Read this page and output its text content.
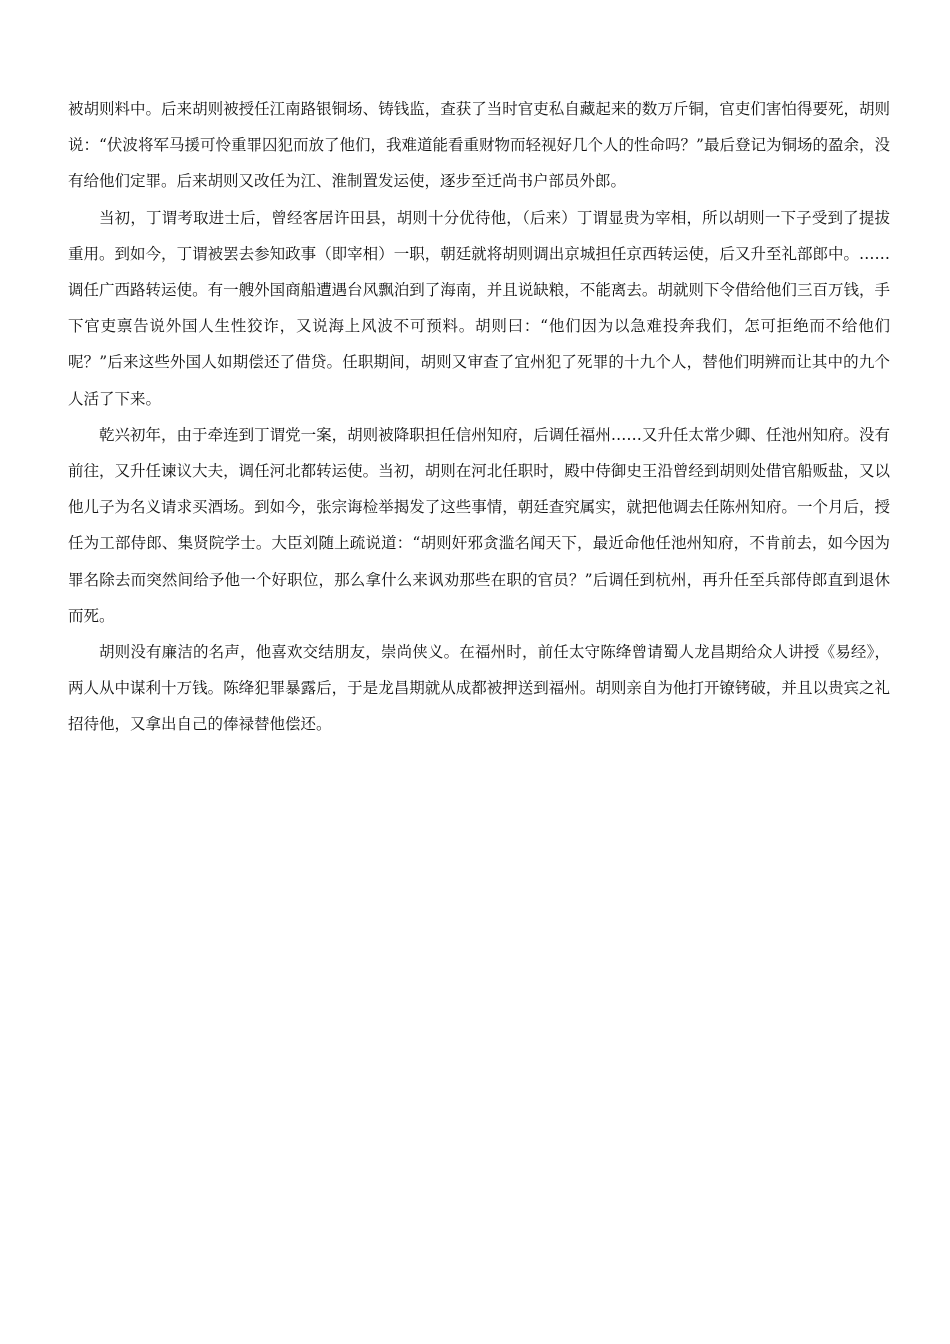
被胡则料中。后来胡则被授任江南路银铜场、铸钱监，查获了当时官吏私自藏起来的数万斤铜，官吏们害怕得要死，胡则说：“伏波将军马援可怜重罪囚犯而放了他们，我难道能看重财物而轻视好几个人的性命吗？”最后登记为铜场的盈余，没有给他们定罪。后来胡则又改任为江、淮制置发运使，逐步至迁尚书户部员外郎。

当初，丁谓考取进士后，曾经客居许田县，胡则十分优待他，（后来）丁谓显贵为宰相，所以胡则一下子受到了提拔重用。到如今，丁谓被罢去参知政事（即宰相）一职，朝廷就将胡则调出京城担任京西转运使，后又升至礼部郎中。……调任广西路转运使。有一艘外国商船遭遇台风飘泊到了海南，并且说缺粮，不能离去。胡就则下令借给他们三百万钱，手下官吏禀告说外国人生性狡诈，又说海上风波不可预料。胡则曰：“他们因为以急难投奔我们，怎可拒绝而不给他们呢？”后来这些外国人如期偿还了借贷。任职期间，胡则又审查了宜州犯了死罪的十九个人，替他们明辨而让其中的九个人活了下来。

乾兴初年，由于牵连到丁谓党一案，胡则被降职担任信州知府，后调任福州……又升任太常少卿、任池州知府。没有前往，又升任谏议大夫，调任河北都转运使。当初，胡则在河北任职时，殿中侍御史王沿曾经到胡则处借官船贩盐，又以他儿子为名义请求买酒场。到如今，张宗诲检举揭发了这些事情，朝廷查究属实，就把他调去任陈州知府。一个月后，授任为工部侍郎、集贤院学士。大臣刘随上疏说道：“胡则奸邪贪滥名闻天下，最近命他任池州知府，不肯前去，如今因为罪名除去而突然间给予他一个好职位，那么拿什么来讽劝那些在职的官员？”后调任到杭州，再升任至兵部侍郎直到退休而死。

胡则没有廉洁的名声，他喜欢交结朋友，崇尚侠义。在福州时，前任太守陈绛曾请蜀人龙昌期给众人讲授《易经》，两人从中谋利十万钱。陈绛犯罪暴露后，于是龙昌期就从成都被押送到福州。胡则亲自为他打开镣铐破，并且以贵宾之礼招待他，又拿出自己的俸禄替他偿还。
